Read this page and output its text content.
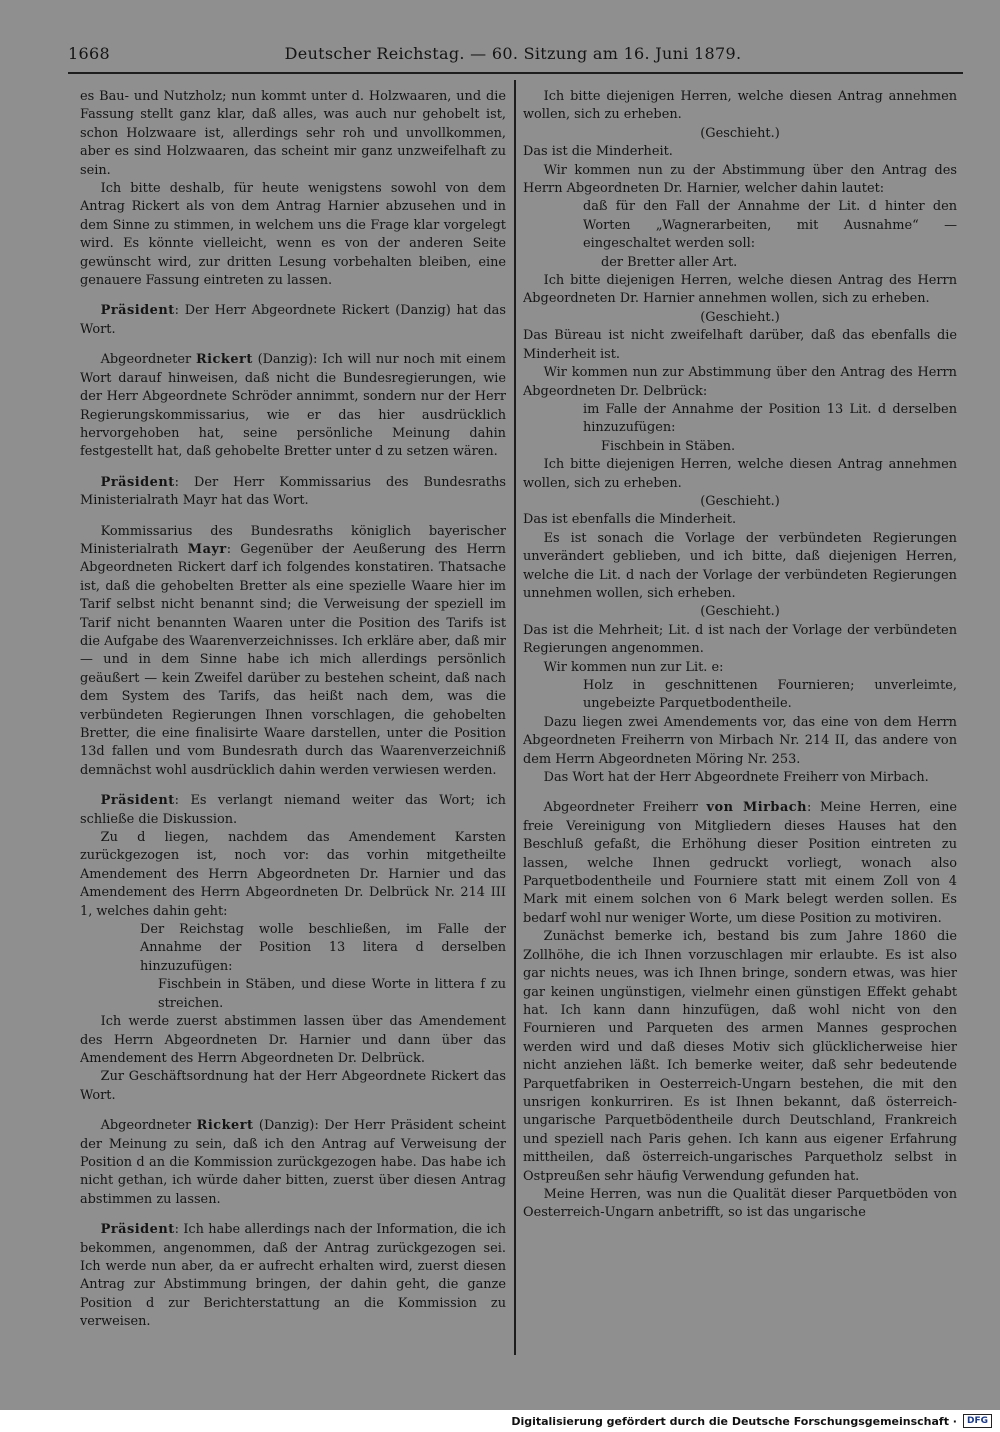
1668	Deutscher Reichstag. — 60. Sitzung am 16. Juni 1879.

es Bau- und Nutzholz; nun kommt unter d. Holzwaaren, und die Fassung stellt ganz klar, daß alles, was auch nur gehobelt ist, schon Holzwaare ist, allerdings sehr roh und unvollkommen, aber es sind Holzwaaren, das scheint mir ganz unzweifelhaft zu sein.

Ich bitte deshalb, für heute wenigstens sowohl von dem Antrag Rickert als von dem Antrag Harnier abzusehen und in dem Sinne zu stimmen, in welchem uns die Frage klar vorgelegt wird. Es könnte vielleicht, wenn es von der anderen Seite gewünscht wird, zur dritten Lesung vorbehalten bleiben, eine genauere Fassung eintreten zu lassen.

Präsident: Der Herr Abgeordnete Rickert (Danzig) hat das Wort.

Abgeordneter Rickert (Danzig): Ich will nur noch mit einem Wort darauf hinweisen, daß nicht die Bundesregierungen, wie der Herr Abgeordnete Schröder annimmt, sondern nur der Herr Regierungskommissarius, wie er das hier ausdrücklich hervorgehoben hat, seine persönliche Meinung dahin festgestellt hat, daß gehobelte Bretter unter d zu setzen wären.

Präsident: Der Herr Kommissarius des Bundesraths Ministerialrath Mayr hat das Wort.

Kommissarius des Bundesraths königlich bayerischer Ministerialrath Mayr: Gegenüber der Aeußerung des Herrn Abgeordneten Rickert darf ich folgendes konstatiren. Thatsache ist, daß die gehobelten Bretter als eine spezielle Waare hier im Tarif selbst nicht benannt sind; die Verweisung der speziell im Tarif nicht benannten Waaren unter die Position des Tarifs ist die Aufgabe des Waarenverzeichnisses. Ich erkläre aber, daß mir — und in dem Sinne habe ich mich allerdings persönlich geäußert — kein Zweifel darüber zu bestehen scheint, daß nach dem System des Tarifs, das heißt nach dem, was die verbündeten Regierungen Ihnen vorschlagen, die gehobelten Bretter, die eine finalisirte Waare darstellen, unter die Position 13d fallen und vom Bundesrath durch das Waarenverzeichniß demnächst wohl ausdrücklich dahin werden verwiesen werden.

Präsident: Es verlangt niemand weiter das Wort; ich schließe die Diskussion.

Zu d liegen, nachdem das Amendement Karsten zurückgezogen ist, noch vor: das vorhin mitgetheilte Amendement des Herrn Abgeordneten Dr. Harnier und das Amendement des Herrn Abgeordneten Dr. Delbrück Nr. 214 III 1, welches dahin geht:

Der Reichstag wolle beschließen, im Falle der Annahme der Position 13 litera d derselben hinzuzufügen:

Fischbein in Stäben, und diese Worte in littera f zu streichen.

Ich werde zuerst abstimmen lassen über das Amendement des Herrn Abgeordneten Dr. Harnier und dann über das Amendement des Herrn Abgeordneten Dr. Delbrück.

Zur Geschäftsordnung hat der Herr Abgeordnete Rickert das Wort.

Abgeordneter Rickert (Danzig): Der Herr Präsident scheint der Meinung zu sein, daß ich den Antrag auf Verweisung der Position d an die Kommission zurückgezogen habe. Das habe ich nicht gethan, ich würde daher bitten, zuerst über diesen Antrag abstimmen zu lassen.

Präsident: Ich habe allerdings nach der Information, die ich bekommen, angenommen, daß der Antrag zurückgezogen sei. Ich werde nun aber, da er aufrecht erhalten wird, zuerst diesen Antrag zur Abstimmung bringen, der dahin geht, die ganze Position d zur Berichterstattung an die Kommission zu verweisen.

Ich bitte diejenigen Herren, welche diesen Antrag annehmen wollen, sich zu erheben.

(Geschieht.)

Das ist die Minderheit.

Wir kommen nun zu der Abstimmung über den Antrag des Herrn Abgeordneten Dr. Harnier, welcher dahin lautet:

daß für den Fall der Annahme der Lit. d hinter den Worten „Wagnerarbeiten, mit Ausnahme“ — eingeschaltet werden soll:

der Bretter aller Art.

Ich bitte diejenigen Herren, welche diesen Antrag des Herrn Abgeordneten Dr. Harnier annehmen wollen, sich zu erheben.

(Geschieht.)

Das Büreau ist nicht zweifelhaft darüber, daß das ebenfalls die Minderheit ist.

Wir kommen nun zur Abstimmung über den Antrag des Herrn Abgeordneten Dr. Delbrück:

im Falle der Annahme der Position 13 Lit. d derselben hinzuzufügen:

Fischbein in Stäben.

Ich bitte diejenigen Herren, welche diesen Antrag annehmen wollen, sich zu erheben.

(Geschieht.)

Das ist ebenfalls die Minderheit.

Es ist sonach die Vorlage der verbündeten Regierungen unverändert geblieben, und ich bitte, daß diejenigen Herren, welche die Lit. d nach der Vorlage der verbündeten Regierungen unnehmen wollen, sich erheben.

(Geschieht.)

Das ist die Mehrheit; Lit. d ist nach der Vorlage der verbündeten Regierungen angenommen.

Wir kommen nun zur Lit. e:

Holz in geschnittenen Fournieren; unverleimte, ungebeizte Parquetbodentheile.

Dazu liegen zwei Amendements vor, das eine von dem Herrn Abgeordneten Freiherrn von Mirbach Nr. 214 II, das andere von dem Herrn Abgeordneten Möring Nr. 253.

Das Wort hat der Herr Abgeordnete Freiherr von Mirbach.

Abgeordneter Freiherr von Mirbach: Meine Herren, eine freie Vereinigung von Mitgliedern dieses Hauses hat den Beschluß gefaßt, die Erhöhung dieser Position eintreten zu lassen, welche Ihnen gedruckt vorliegt, wonach also Parquetbodentheile und Fourniere statt mit einem Zoll von 4 Mark mit einem solchen von 6 Mark belegt werden sollen. Es bedarf wohl nur weniger Worte, um diese Position zu motiviren.

Zunächst bemerke ich, bestand bis zum Jahre 1860 die Zollhöhe, die ich Ihnen vorzuschlagen mir erlaubte. Es ist also gar nichts neues, was ich Ihnen bringe, sondern etwas, was hier gar keinen ungünstigen, vielmehr einen günstigen Effekt gehabt hat. Ich kann dann hinzufügen, daß wohl nicht von den Fournieren und Parqueten des armen Mannes gesprochen werden wird und daß dieses Motiv sich glücklicherweise hier nicht anziehen läßt. Ich bemerke weiter, daß sehr bedeutende Parquetfabriken in Oesterreich-Ungarn bestehen, die mit den unsrigen konkurriren. Es ist Ihnen bekannt, daß österreich-ungarische Parquetbödentheile durch Deutschland, Frankreich und speziell nach Paris gehen. Ich kann aus eigener Erfahrung mittheilen, daß österreich-ungarisches Parquetholz selbst in Ostpreußen sehr häufig Verwendung gefunden hat.

Meine Herren, was nun die Qualität dieser Parquetböden von Oesterreich-Ungarn anbetrifft, so ist das ungarische

Digitalisierung gefördert durch die Deutsche Forschungsgemeinschaft ·	DFG
